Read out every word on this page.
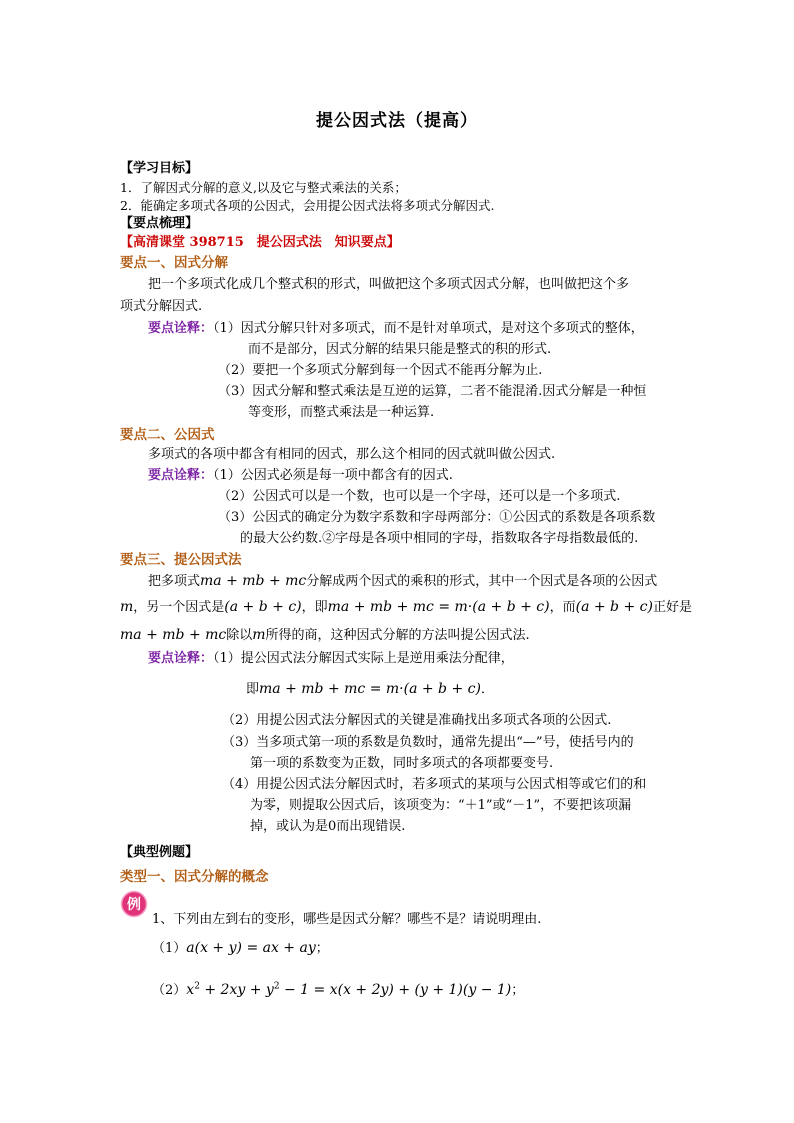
提公因式法（提高）
【学习目标】
1．了解因式分解的意义,以及它与整式乘法的关系；
2．能确定多项式各项的公因式，会用提公因式法将多项式分解因式.
【要点梳理】
【高清课堂 398715　提公因式法　知识要点】
要点一、因式分解
把一个多项式化成几个整式积的形式，叫做把这个多项式因式分解，也叫做把这个多
项式分解因式.
要点诠释：（1）因式分解只针对多项式，而不是针对单项式，是对这个多项式的整体，
而不是部分，因式分解的结果只能是整式的积的形式.
（2）要把一个多项式分解到每一个因式不能再分解为止.
（3）因式分解和整式乘法是互逆的运算，二者不能混淆.因式分解是一种恒
等变形，而整式乘法是一种运算.
要点二、公因式
多项式的各项中都含有相同的因式，那么这个相同的因式就叫做公因式.
要点诠释：（1）公因式必须是每一项中都含有的因式.
（2）公因式可以是一个数，也可以是一个字母，还可以是一个多项式.
（3）公因式的确定分为数字系数和字母两部分：①公因式的系数是各项系数
的最大公约数.②字母是各项中相同的字母，指数取各字母指数最低的.
要点三、提公因式法
把多项式ma + mb + mc分解成两个因式的乘积的形式，其中一个因式是各项的公因式
m，另一个因式是(a + b + c)，即ma + mb + mc = m·(a + b + c)，而(a + b + c)正好是
ma + mb + mc除以m所得的商，这种因式分解的方法叫提公因式法.
要点诠释：（1）提公因式法分解因式实际上是逆用乘法分配律，
即ma + mb + mc = m·(a + b + c)．
（2）用提公因式法分解因式的关键是准确找出多项式各项的公因式.
（3）当多项式第一项的系数是负数时，通常先提出“—”号，使括号内的
第一项的系数变为正数，同时多项式的各项都要变号.
（4）用提公因式法分解因式时，若多项式的某项与公因式相等或它们的和
为零，则提取公因式后，该项变为：“＋1”或“－1”，不要把该项漏
掉，或认为是0而出现错误.
【典型例题】
类型一、因式分解的概念
例
1、下列由左到右的变形，哪些是因式分解？哪些不是？请说明理由.
（1）a(x + y) = ax + ay；
$(2)x^2 + 2xy + y^2 - 1 = x(x + 2y) + (y + 1)(y - 1)$；
